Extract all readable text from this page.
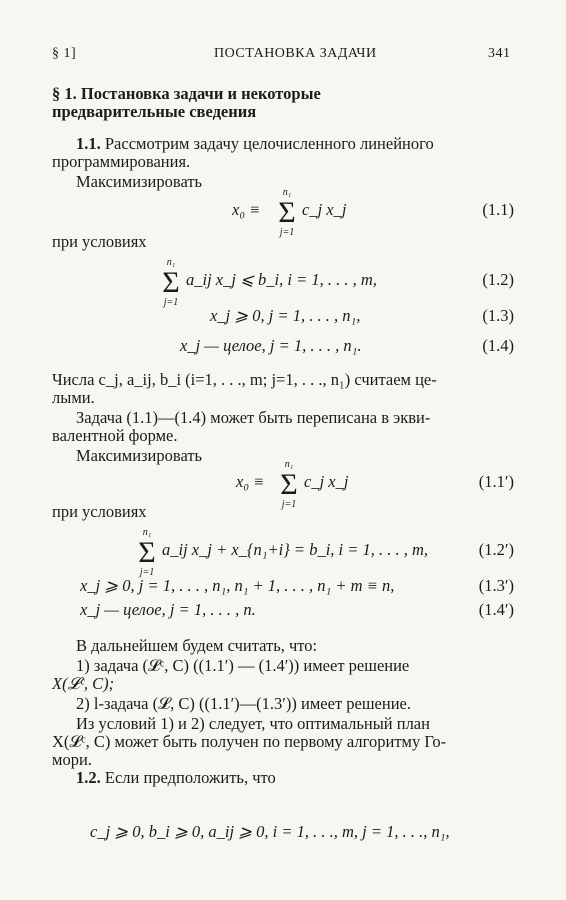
§ 1]	ПОСТАНОВКА ЗАДАЧИ	341
§ 1. Постановка задачи и некоторые
предварительные сведения
1.1. Рассмотрим задачу целочисленного линейного
программирования.
Максимизировать
x₀ ≡
n₁
Σ
j=1
c_j x_j	(1.1)
при условиях
n₁
Σ
j=1
a_ij x_j ⩽ b_i, i = 1, . . . , m,	(1.2)
x_j ⩾ 0, j = 1, . . . , n₁,	(1.3)
x_j — целое, j = 1, . . . , n₁.	(1.4)
Числа c_j, a_ij, b_i (i=1, . . ., m; j=1, . . ., n₁) считаем це-
лыми.
Задача (1.1)—(1.4) может быть переписана в экви-
валентной форме.
Максимизировать
x₀ ≡
n₁
Σ
j=1
c_j x_j	(1.1′)
при условиях
n₁
Σ
j=1
a_ij x_j + x_{n₁+i} = b_i, i = 1, . . . , m,	(1.2′)
x_j ⩾ 0, j = 1, . . . , n₁, n₁ + 1, . . . , n₁ + m ≡ n,	(1.3′)
x_j — целое, j = 1, . . . , n.	(1.4′)
В дальнейшем будем считать, что:
1) задача (𝓛ᶜ, C) ((1.1′) — (1.4′)) имеет решение
X(𝓛ᶜ, C);
2) l-задача (𝓛, C) ((1.1′)—(1.3′)) имеет решение.
Из условий 1) и 2) следует, что оптимальный план
X(𝓛ᶜ, C) может быть получен по первому алгоритму Го-
мори.
1.2. Если предположить, что
c_j ⩾ 0, b_i ⩾ 0, a_ij ⩾ 0, i = 1, . . ., m, j = 1, . . ., n₁,
